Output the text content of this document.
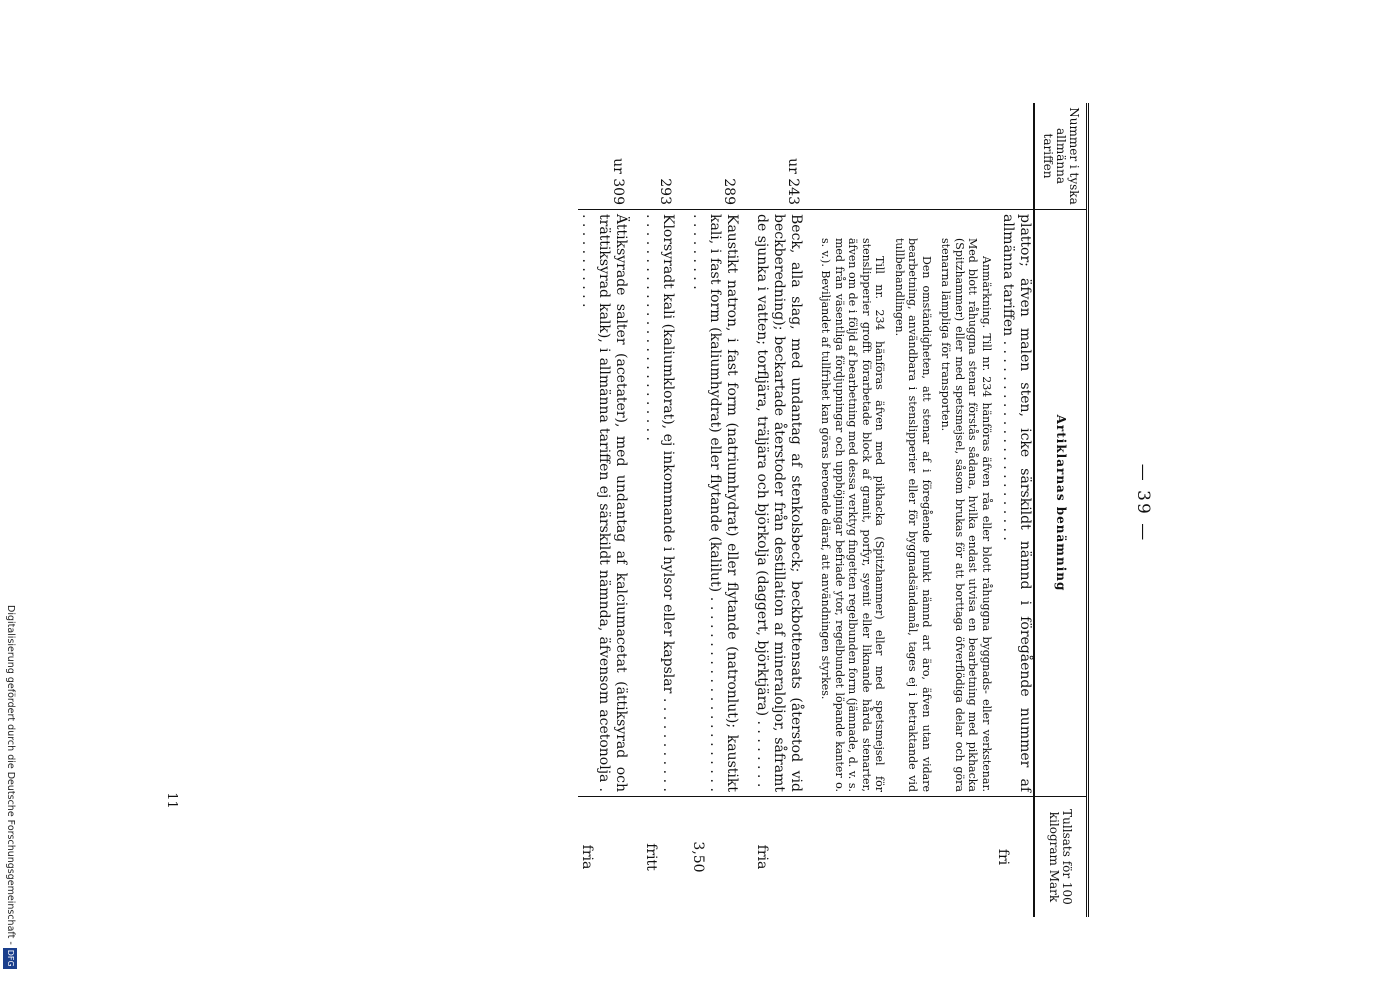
— 39 —
Nummer i tyska allmänna tariffen	Artiklarnas benämning	Tullsats för 100 kilogram Mark

	plattor; äfven malen sten, icke särskildt nämnd i föregående nummer af allmänna tariffen . . . . . . . . . . . . . . . . . . . . . . .
Anmärkning. Till nr. 234 hänföras äfven råa eller blott råhuggna byggnads- eller verkstenar. Med blott råhuggna stenar förstås sådana, hvilka endast utvisa en bearbetning med pikhacka (Spitzhammer) eller med spetsmejsel, såsom brukas för att borttaga öfverflödiga delar och göra stenarna lämpliga för transporten.
Den omständigheten, att stenar af i föregående punkt nämnd art äro, äfven utan vidare bearbetning, användbara i stenslipperier eller för byggnadsändamål, tages ej i betraktande vid tullbehandlingen.
Till nr. 234 hänföras äfven med pikhacka (Spitzhammer) eller med spetsmejsel för stenslipperier grofft förarbetade block af granit, porfyr, syenit eller liknande hårda stenarter, äfven om de i följd af bearbetning med dessa verktyg fingetten regelbunden form (jämnade, d. v. s. med från väsentliga fördjupningar och upphöjningar befriade ytor, regelbundet löpande kanter o. s. v.). Beviljandet af tullfrihet kan göras beroende däraf, att användningen styrkes.	fri

ur 243	Beck, alla slag, med undantag af stenkolsbeck; beckbottensats (återstod vid beckberedning); beckartade återstoder från destillation af mineraloljor, såframt de sjunka i vatten; torfljära, träljära och björkolja (daggert, björktjära) . . . . . . . .	fria

289	Kaustikt natron, i fast form (natriumhydrat) eller flytande (natronlut); kaustikt kali, i fast form (kaliumhydrat) eller flytande (kalilut) . . . . . . . . . . . . . . . . . . . . . . . . . . . . . . .	3,50

293	Klorsyradt kali (kaliumklorat), ej inkommande i hylsor eller kapslar . . . . . . . . . . . . . . . . . . . . . . . . . . . . . . . . . . . . .	fritt

ur 309	Ättiksyrade salter (acetater), med undantag af kalciumacetat (ättiksyrad och trättiksyrad kalk), i allmänna tariffen ej särskildt nämnda, äfvensom acetonolja . . . . . . . . . . . .	fria
11
Digitalisierung gefördert durch die Deutsche Forschungsgemeinschaft -DFG
